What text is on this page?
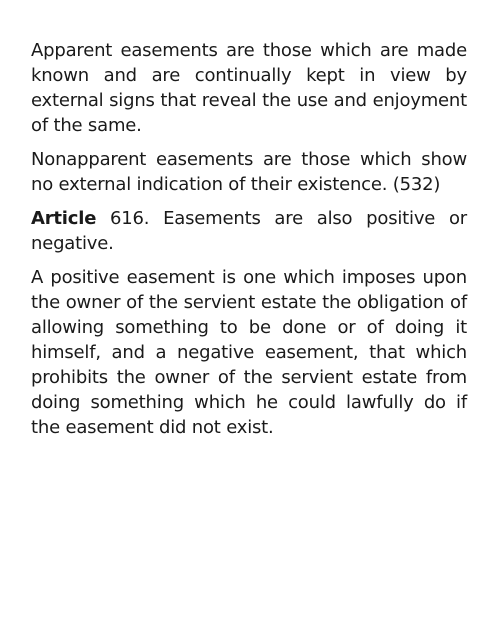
Apparent easements are those which are made known and are continually kept in view by external signs that reveal the use and enjoyment of the same.

Nonapparent easements are those which show no external indication of their existence. (532)

Article 616. Easements are also positive or negative.

A positive easement is one which imposes upon the owner of the servient estate the obligation of allowing something to be done or of doing it himself, and a negative easement, that which prohibits the owner of the servient estate from doing something which he could lawfully do if the easement did not exist.
